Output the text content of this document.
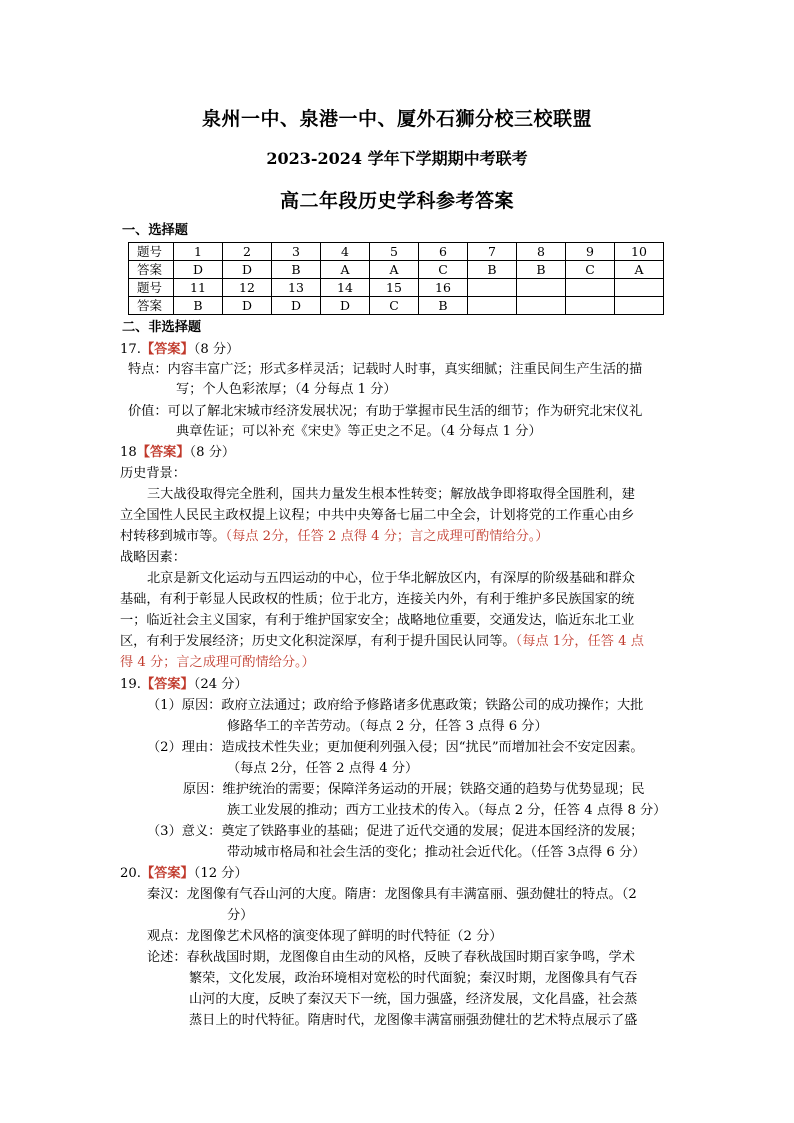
泉州一中、泉港一中、厦外石狮分校三校联盟
2023-2024 学年下学期期中考联考
高二年段历史学科参考答案
一、选择题
题号	1	2	3	4	5	6	7	8	9	10
答案	D	D	B	A	A	C	B	B	C	A
题号	11	12	13	14	15	16				
答案	B	D	D	D	C	B				
二、非选择题
17.【答案】（8 分）
特点：内容丰富广泛；形式多样灵活；记载时人时事，真实细腻；注重民间生产生活的描
写；个人色彩浓厚；（4 分每点 1 分）
价值：可以了解北宋城市经济发展状况；有助于掌握市民生活的细节；作为研究北宋仪礼
典章佐证；可以补充《宋史》等正史之不足。（4 分每点 1 分）
18【答案】（8 分）
历史背景：
三大战役取得完全胜利，国共力量发生根本性转变；解放战争即将取得全国胜利，建
立全国性人民民主政权提上议程；中共中央筹备七届二中全会，计划将党的工作重心由乡
村转移到城市等。（每点 2分，任答 2 点得 4 分；言之成理可酌情给分。）
战略因素：
北京是新文化运动与五四运动的中心，位于华北解放区内，有深厚的阶级基础和群众
基础，有利于彰显人民政权的性质；位于北方，连接关内外，有利于维护多民族国家的统
一；临近社会主义国家，有利于维护国家安全；战略地位重要，交通发达，临近东北工业
区，有利于发展经济；历史文化积淀深厚，有利于提升国民认同等。（每点 1分，任答 4 点
得 4 分；言之成理可酌情给分。）
19.【答案】（24 分）
（1）原因：政府立法通过；政府给予修路诸多优惠政策；铁路公司的成功操作；大批
修路华工的辛苦劳动。（每点 2 分，任答 3 点得 6 分）
（2）理由：造成技术性失业；更加便利列强入侵；因“扰民”而增加社会不安定因素。
（每点 2分，任答 2 点得 4 分）
原因：维护统治的需要；保障洋务运动的开展；铁路交通的趋势与优势显现；民
族工业发展的推动；西方工业技术的传入。（每点 2 分，任答 4 点得 8 分）
（3）意义：奠定了铁路事业的基础；促进了近代交通的发展；促进本国经济的发展；
带动城市格局和社会生活的变化；推动社会近代化。（任答 3点得 6 分）
20.【答案】（12 分）
秦汉：龙图像有气吞山河的大度。隋唐：龙图像具有丰满富丽、强劲健壮的特点。（2
分）
观点：龙图像艺术风格的演变体现了鲜明的时代特征（2 分）
论述：春秋战国时期，龙图像自由生动的风格，反映了春秋战国时期百家争鸣，学术
繁荣，文化发展，政治环境相对宽松的时代面貌；秦汉时期，龙图像具有气吞
山河的大度，反映了秦汉天下一统，国力强盛，经济发展，文化昌盛，社会蒸
蒸日上的时代特征。隋唐时代，龙图像丰满富丽强劲健壮的艺术特点展示了盛
